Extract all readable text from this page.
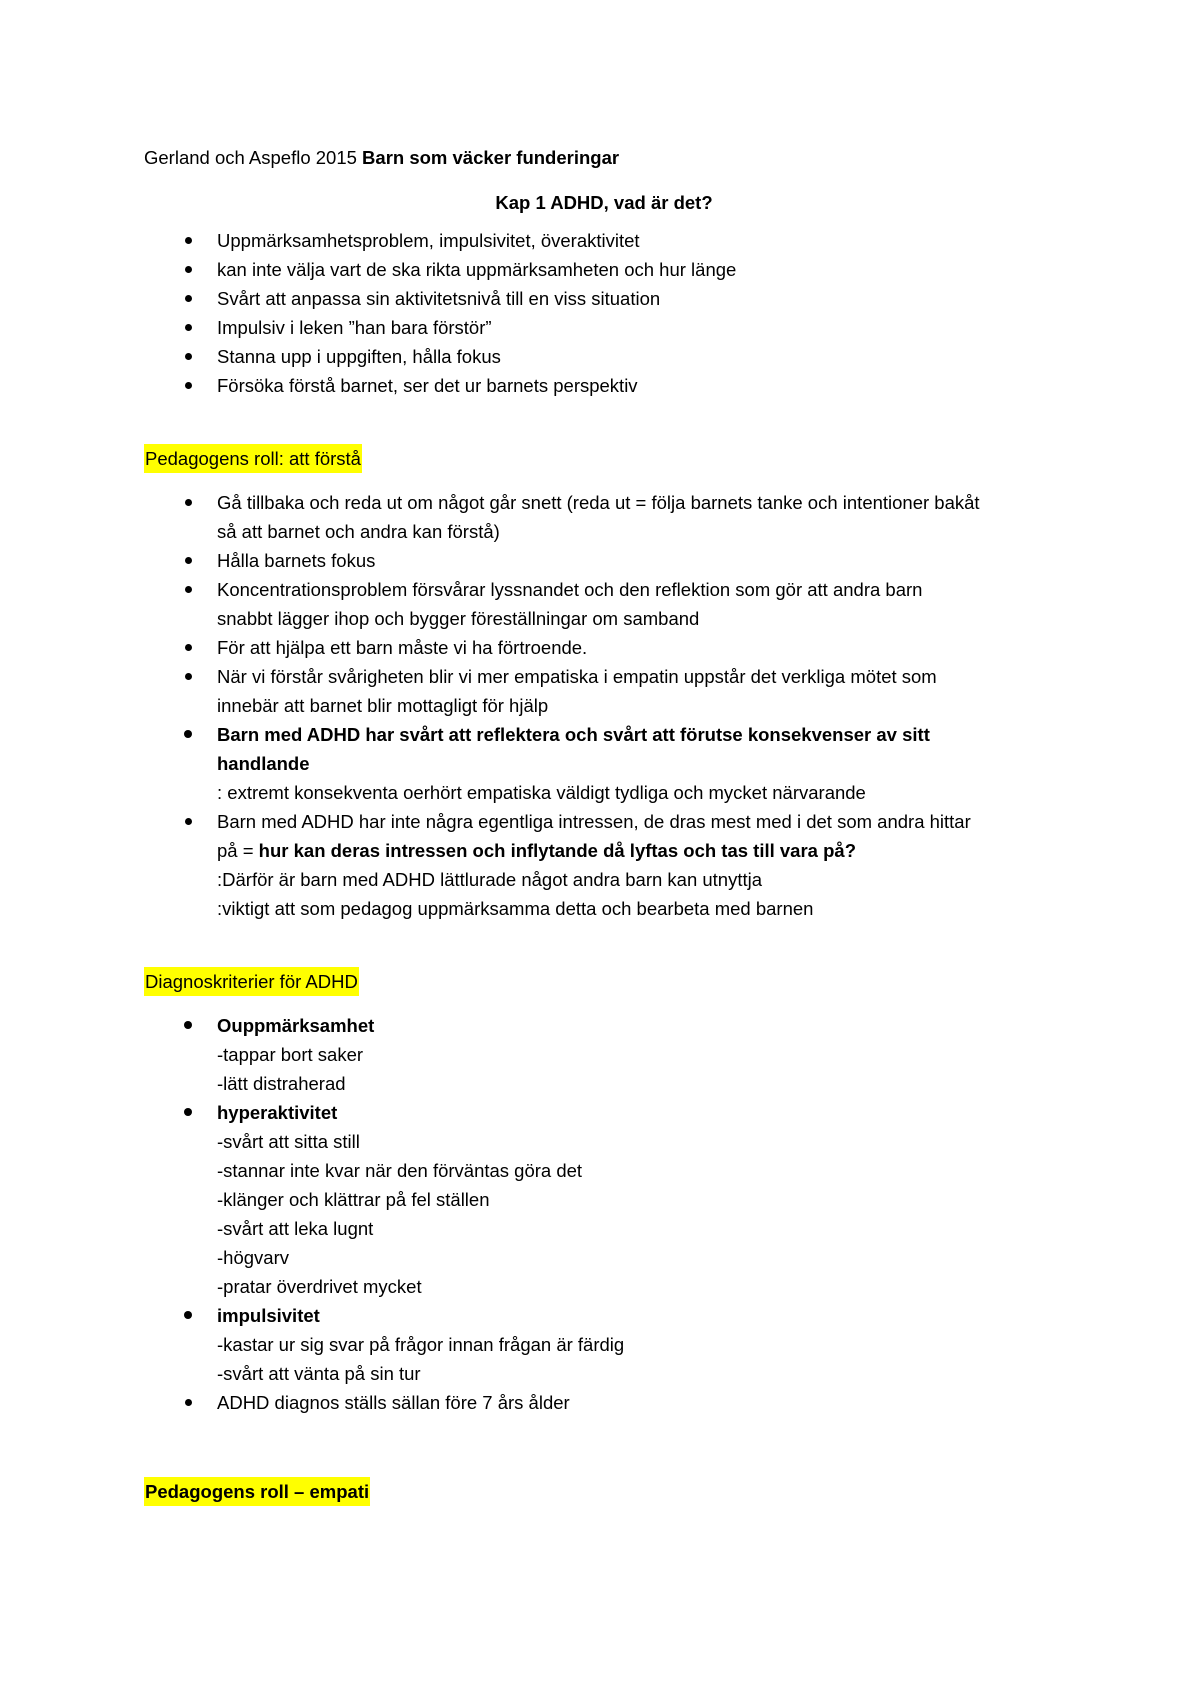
Gerland och Aspeflo 2015 Barn som väcker funderingar

Kap 1 ADHD, vad är det?

Uppmärksamhetsproblem, impulsivitet, överaktivitet
kan inte välja vart de ska rikta uppmärksamheten och hur länge
Svårt att anpassa sin aktivitetsnivå till en viss situation
Impulsiv i leken ”han bara förstör”
Stanna upp i uppgiften, hålla fokus
Försöka förstå barnet, ser det ur barnets perspektiv
Pedagogens roll: att förstå
Gå tillbaka och reda ut om något går snett (reda ut = följa barnets tanke och intentioner bakåt
så att barnet och andra kan förstå)
Hålla barnets fokus
Koncentrationsproblem försvårar lyssnandet och den reflektion som gör att andra barn
snabbt lägger ihop och bygger föreställningar om samband
För att hjälpa ett barn måste vi ha förtroende.
När vi förstår svårigheten blir vi mer empatiska i empatin uppstår det verkliga mötet som
innebär att barnet blir mottagligt för hjälp
Barn med ADHD har svårt att reflektera och svårt att förutse konsekvenser av sitt
handlande
: extremt konsekventa oerhört empatiska väldigt tydliga och mycket närvarande
Barn med ADHD har inte några egentliga intressen, de dras mest med i det som andra hittar
på = hur kan deras intressen och inflytande då lyftas och tas till vara på?
:Därför är barn med ADHD lättlurade något andra barn kan utnyttja
:viktigt att som pedagog uppmärksamma detta och bearbeta med barnen
Diagnoskriterier för ADHD
Ouppmärksamhet
-tappar bort saker
-lätt distraherad
hyperaktivitet
-svårt att sitta still
-stannar inte kvar när den förväntas göra det
-klänger och klättrar på fel ställen
-svårt att leka lugnt
-högvarv
-pratar överdrivet mycket
impulsivitet
-kastar ur sig svar på frågor innan frågan är färdig
-svårt att vänta på sin tur
ADHD diagnos ställs sällan före 7 års ålder
Pedagogens roll – empati
